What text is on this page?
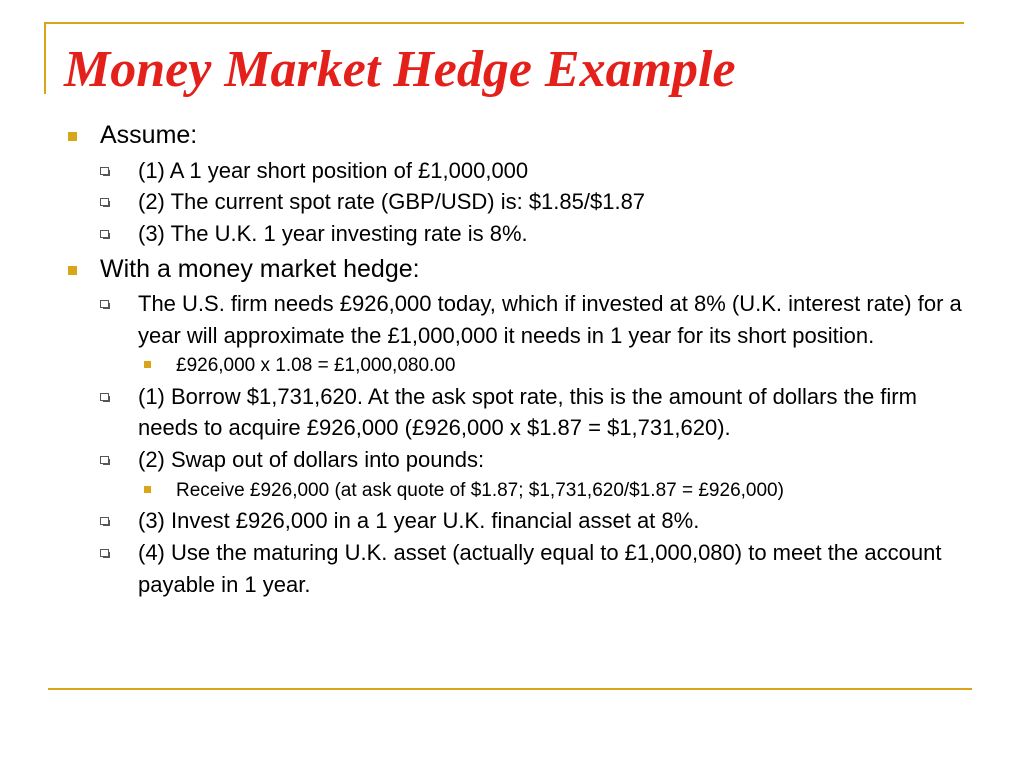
Money Market Hedge Example
Assume:
(1) A 1 year short position of £1,000,000
(2) The current spot rate (GBP/USD) is: $1.85/$1.87
(3) The U.K. 1 year investing rate is 8%.
With a money market hedge:
The U.S. firm needs £926,000 today, which if invested at 8% (U.K. interest rate) for a year will approximate the £1,000,000 it needs in 1 year for its short position.
£926,000 x 1.08 = £1,000,080.00
(1) Borrow $1,731,620. At the ask spot rate, this is the amount of dollars the firm needs to acquire £926,000 (£926,000 x $1.87 = $1,731,620).
(2) Swap out of dollars into pounds:
Receive £926,000 (at ask quote of $1.87; $1,731,620/$1.87 = £926,000)
(3) Invest £926,000 in a 1 year U.K. financial asset at 8%.
(4) Use the maturing U.K. asset (actually equal to £1,000,080) to meet the account payable in 1 year.
